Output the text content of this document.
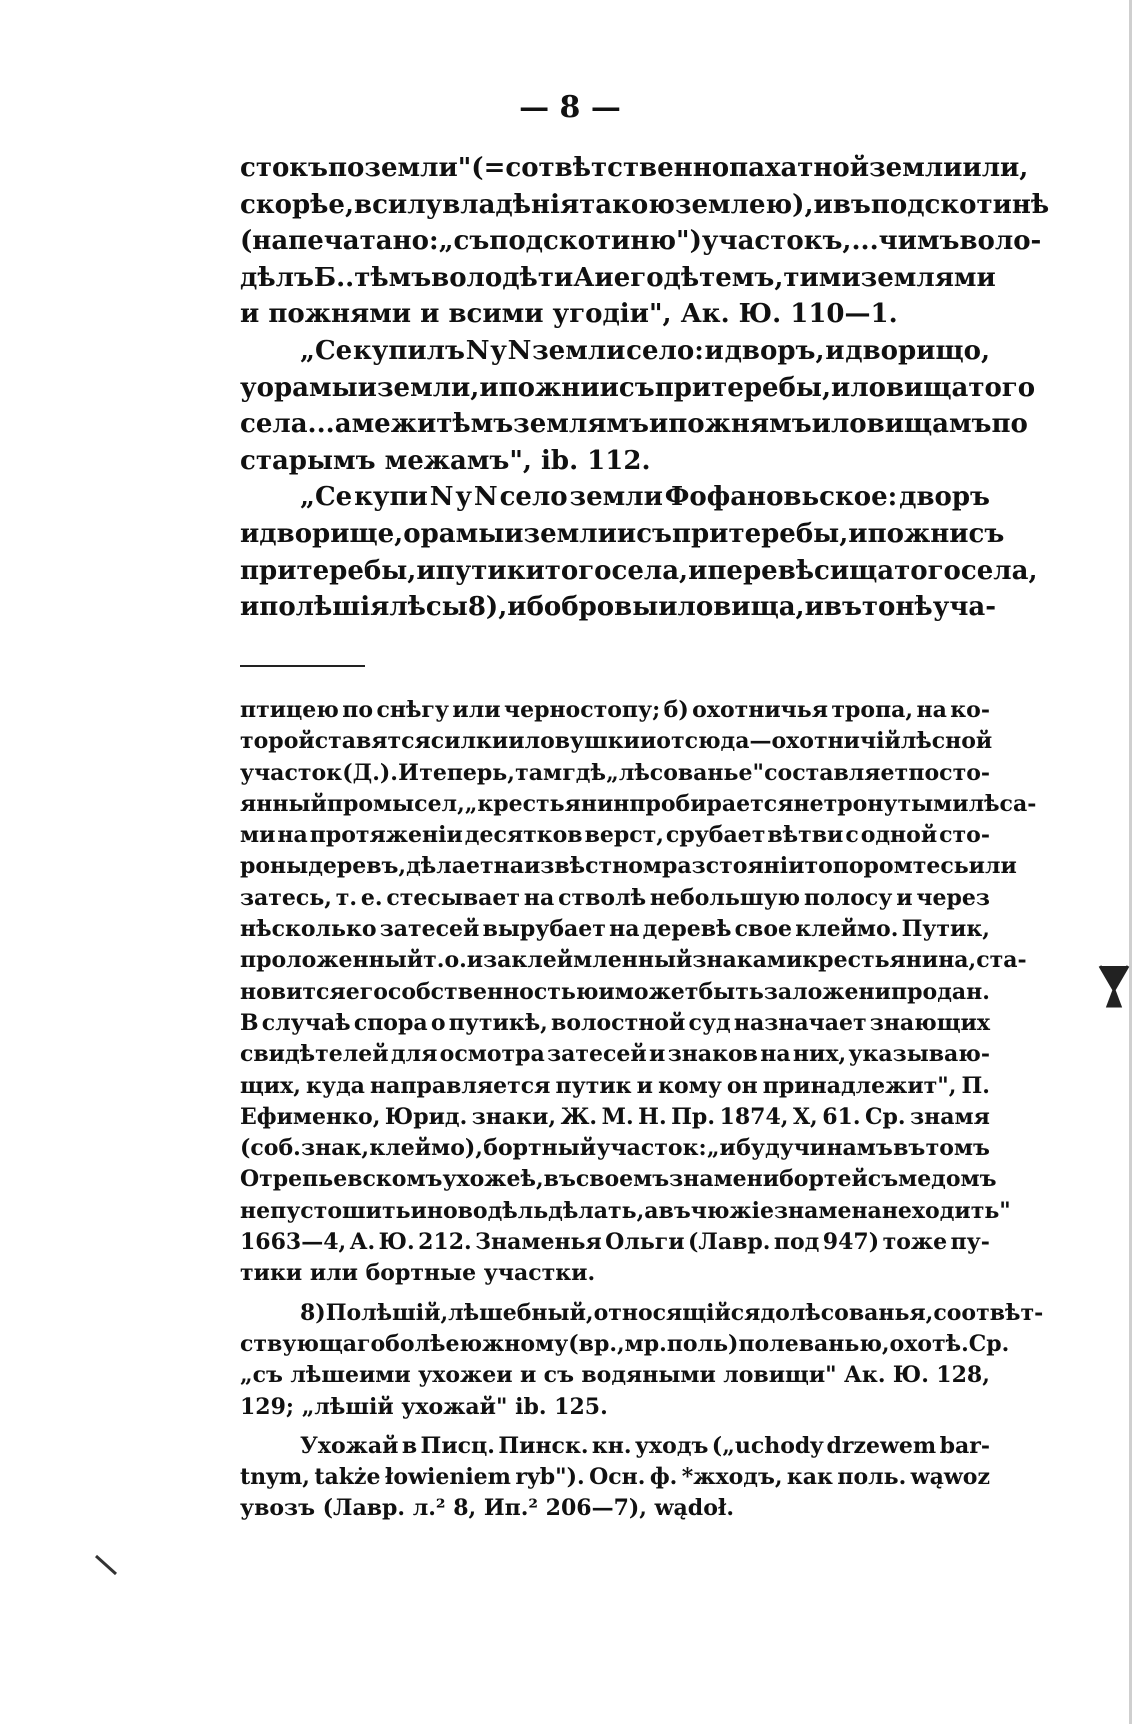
— 8 —
стокъ по земли" (=сотвѣтственно пахатной земли или,
скорѣе, в силу владѣнія такою землею), и въ подскотинѣ
(напечатано: „съ подскотиню") участокъ,... чимъ воло-
дѣлъ Б.. тѣмъ володѣти А и его дѣтемъ, тими землями
и пожнями и всими угодіи", Ак. Ю. 110—1.
„Се купилъ N у N земли село: и дворъ, и дворищо,
у орамыи земли, и пожни и съ притеребы, и ловища того
села... а межи тѣмъ землямъ и пожнямъ и ловищамъ по
старымъ межамъ", ib. 112.
„Се купи N у N село земли Фофановьское: дворъ
и дворище, орамыи земли и съ притеребы, и пожни съ
притеребы, и путики того села, и перевѣсища того села,
и полѣшія лѣсы 8), и бобровыи ловища, и въ тонѣ уча-
птицею по снѣгу или черностопу; б) охотничья тропа, на ко-
торой ставятся силки и ловушки и отсюда — охотничій лѣсной
участок (Д.). И теперь, там гдѣ „лѣсованье" составляет посто-
янный промысел, „крестьянин пробирается нетронутыми лѣса-
ми на протяженіи десятков верст, срубает вѣтви с одной сто-
роны деревъ, дѣлает на извѣстном разстояніи топором тесь или
затесь, т. е. стесывает на стволѣ небольшую полосу и через
нѣсколько затесей вырубает на деревѣ свое клеймо. Путик,
проложенный т. о. и заклеймленный знаками крестьянина, ста-
новится его собственностью и может быть заложен и продан.
В случаѣ спора о путикѣ, волостной суд назначает знающих
свидѣтелей для осмотра затесей и знаков на них, указываю-
щих, куда направляется путик и кому он принадлежит", П.
Ефименко, Юрид. знаки, Ж. М. Н. Пр. 1874, X, 61. Ср. знамя
(соб. знак, клеймо), бортный участок: „и будучи намъ въ томъ
Отрепьевскомъ ухожеѣ, въ своемъ знамени бортей съ медомъ
непустошить и новодѣль дѣлать, а въ чюжіе знамена неходить"
1663—4, А. Ю. 212. Знаменья Ольги (Лавр. под 947) тоже пу-
тики или бортные участки.
8) Полѣшій, лѣшебный, относящійся до лѣсованья, соотвѣт-
ствующаго болѣе южному (вр., мр. поль) полеванью, охотѣ. Ср.
„съ лѣшеими ухожеи и съ водяными ловищи" Ак. Ю. 128,
129; „лѣшій ухожай" ib. 125.
Ухожай в Писц. Пинск. кн. уходъ („uchody drzewem bar-
tnym, także łowieniem ryb"). Осн. ф. *жходъ, как поль. wąwoz
увозъ (Лавр. л.² 8, Ип.² 206—7), wądoł.
